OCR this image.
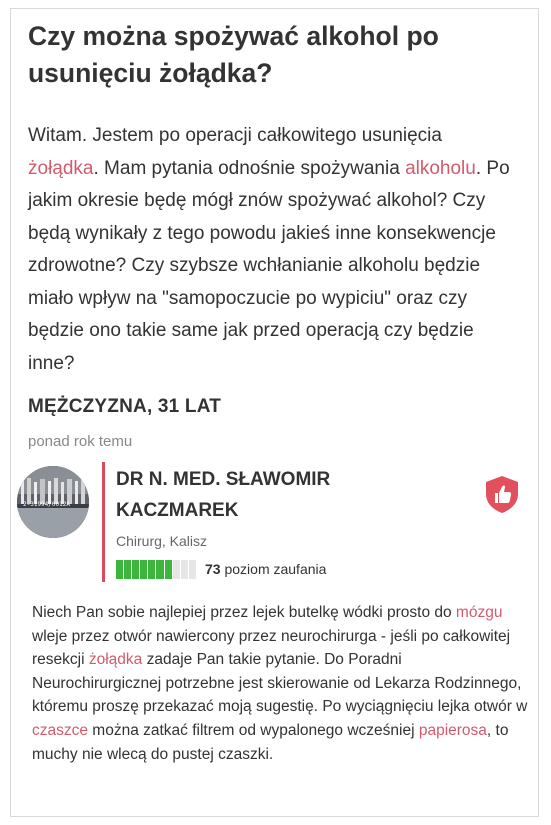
Czy można spożywać alkohol po usunięciu żołądka?
Witam. Jestem po operacji całkowitego usunięcia żołądka. Mam pytania odnośnie spożywania alkoholu. Po jakim okresie będę mógł znów spożywać alkohol? Czy będą wynikały z tego powodu jakieś inne konsekwencje zdrowotne? Czy szybsze wchłanianie alkoholu będzie miało wpływ na "samopoczucie po wypiciu" oraz czy będzie ono takie same jak przed operacją czy będzie inne?
MĘŻCZYZNA, 31 LAT
ponad rok temu
2-31994/0012A
DR N. MED. SŁAWOMIR KACZMAREK
Chirurg, Kalisz
73 poziom zaufania
Niech Pan sobie najlepiej przez lejek butelkę wódki prosto do mózgu wleje przez otwór nawiercony przez neurochirurga - jeśli po całkowitej resekcji żołądka zadaje Pan takie pytanie. Do Poradni Neurochirurgicznej potrzebne jest skierowanie od Lekarza Rodzinnego, któremu proszę przekazać moją sugestię. Po wyciągnięciu lejka otwór w czaszce można zatkać filtrem od wypalonego wcześniej papierosa, to muchy nie wlecą do pustej czaszki.
